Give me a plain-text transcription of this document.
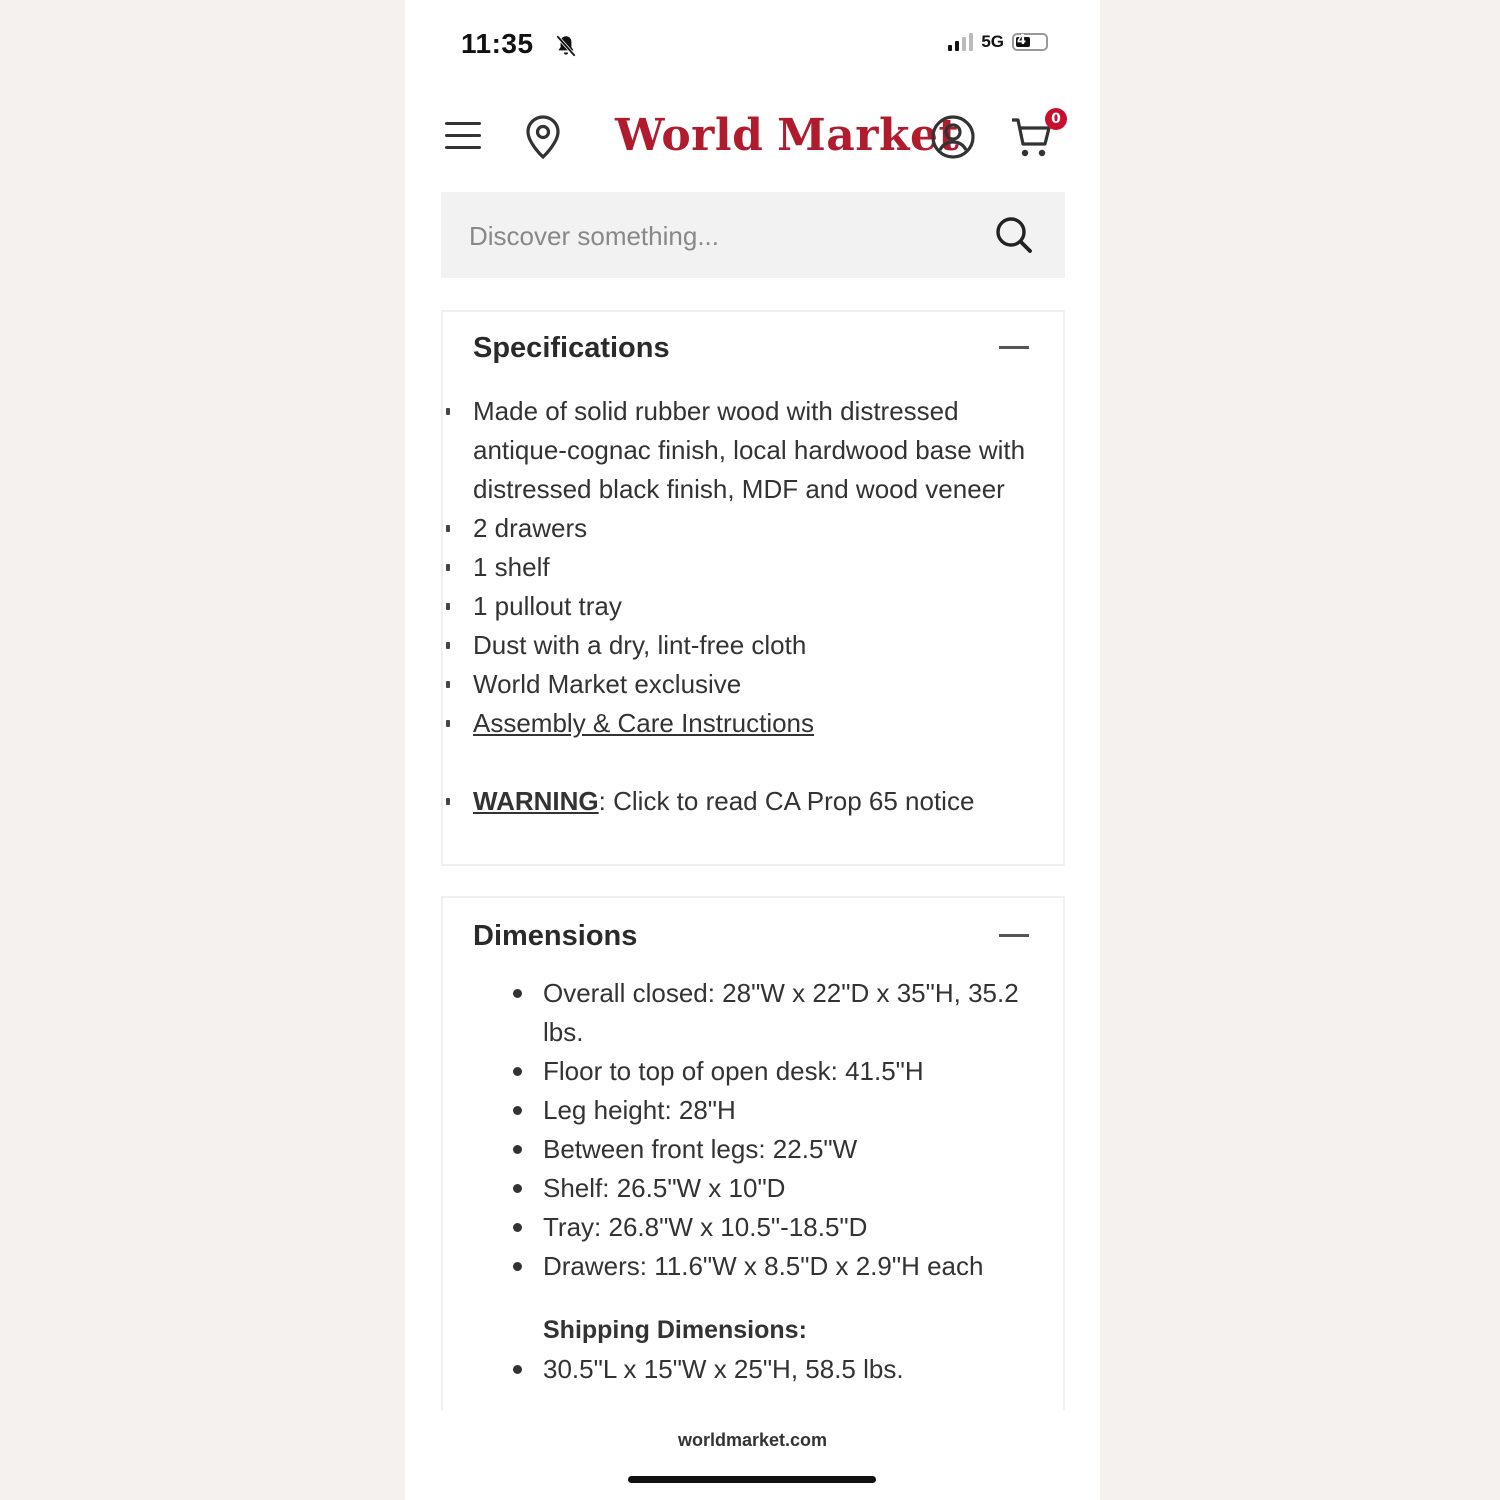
11:35	5G 4
World Market	0
Discover something...
Specifications
Made of solid rubber wood with distressed antique-cognac finish, local hardwood base with distressed black finish, MDF and wood veneer
2 drawers
1 shelf
1 pullout tray
Dust with a dry, lint-free cloth
World Market exclusive
Assembly & Care Instructions
WARNING: Click to read CA Prop 65 notice
Dimensions
Overall closed: 28"W x 22"D x 35"H, 35.2 lbs.
Floor to top of open desk: 41.5"H
Leg height: 28"H
Between front legs: 22.5"W
Shelf: 26.5"W x 10"D
Tray: 26.8"W x 10.5"-18.5"D
Drawers: 11.6"W x 8.5"D x 2.9"H each
Shipping Dimensions:
30.5"L x 15"W x 25"H, 58.5 lbs.
worldmarket.com
